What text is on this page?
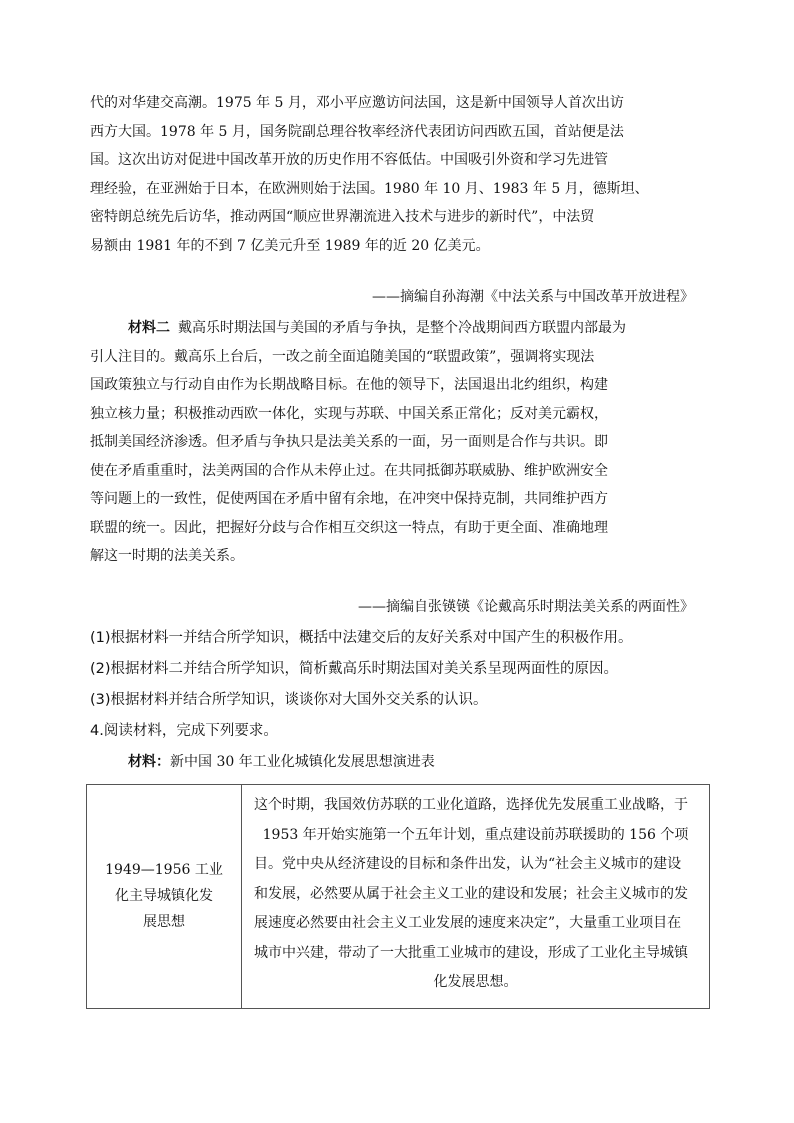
代的对华建交高潮。1975 年 5 月，邓小平应邀访问法国，这是新中国领导人首次出访
西方大国。1978 年 5 月，国务院副总理谷牧率经济代表团访问西欧五国，首站便是法
国。这次出访对促进中国改革开放的历史作用不容低估。中国吸引外资和学习先进管
理经验，在亚洲始于日本，在欧洲则始于法国。1980 年 10 月、1983 年 5 月，德斯坦、
密特朗总统先后访华，推动两国“顺应世界潮流进入技术与进步的新时代”，中法贸
易额由 1981 年的不到 7 亿美元升至 1989 年的近 20 亿美元。
——摘编自孙海潮《中法关系与中国改革开放进程》
材料二 戴高乐时期法国与美国的矛盾与争执，是整个冷战期间西方联盟内部最为
引人注目的。戴高乐上台后，一改之前全面追随美国的“联盟政策”，强调将实现法
国政策独立与行动自由作为长期战略目标。在他的领导下，法国退出北约组织，构建
独立核力量；积极推动西欧一体化，实现与苏联、中国关系正常化；反对美元霸权，
抵制美国经济渗透。但矛盾与争执只是法美关系的一面，另一面则是合作与共识。即
使在矛盾重重时，法美两国的合作从未停止过。在共同抵御苏联威胁、维护欧洲安全
等问题上的一致性，促使两国在矛盾中留有余地，在冲突中保持克制，共同维护西方
联盟的统一。因此，把握好分歧与合作相互交织这一特点，有助于更全面、准确地理
解这一时期的法美关系。
——摘编自张锳锳《论戴高乐时期法美关系的两面性》
(1)根据材料一并结合所学知识，概括中法建交后的友好关系对中国产生的积极作用。
(2)根据材料二并结合所学知识，简析戴高乐时期法国对美关系呈现两面性的原因。
(3)根据材料并结合所学知识，谈谈你对大国外交关系的认识。
4.阅读材料，完成下列要求。
材料：新中国 30 年工业化城镇化发展思想演进表
1949—1956 工业
化主导城镇化发
展思想

这个时期，我国效仿苏联的工业化道路，选择优先发展重工业战略，于
1953 年开始实施第一个五年计划，重点建设前苏联援助的 156 个项
目。党中央从经济建设的目标和条件出发，认为“社会主义城市的建设
和发展，必然要从属于社会主义工业的建设和发展；社会主义城市的发
展速度必然要由社会主义工业发展的速度来决定”，大量重工业项目在
城市中兴建，带动了一大批重工业城市的建设，形成了工业化主导城镇
化发展思想。
